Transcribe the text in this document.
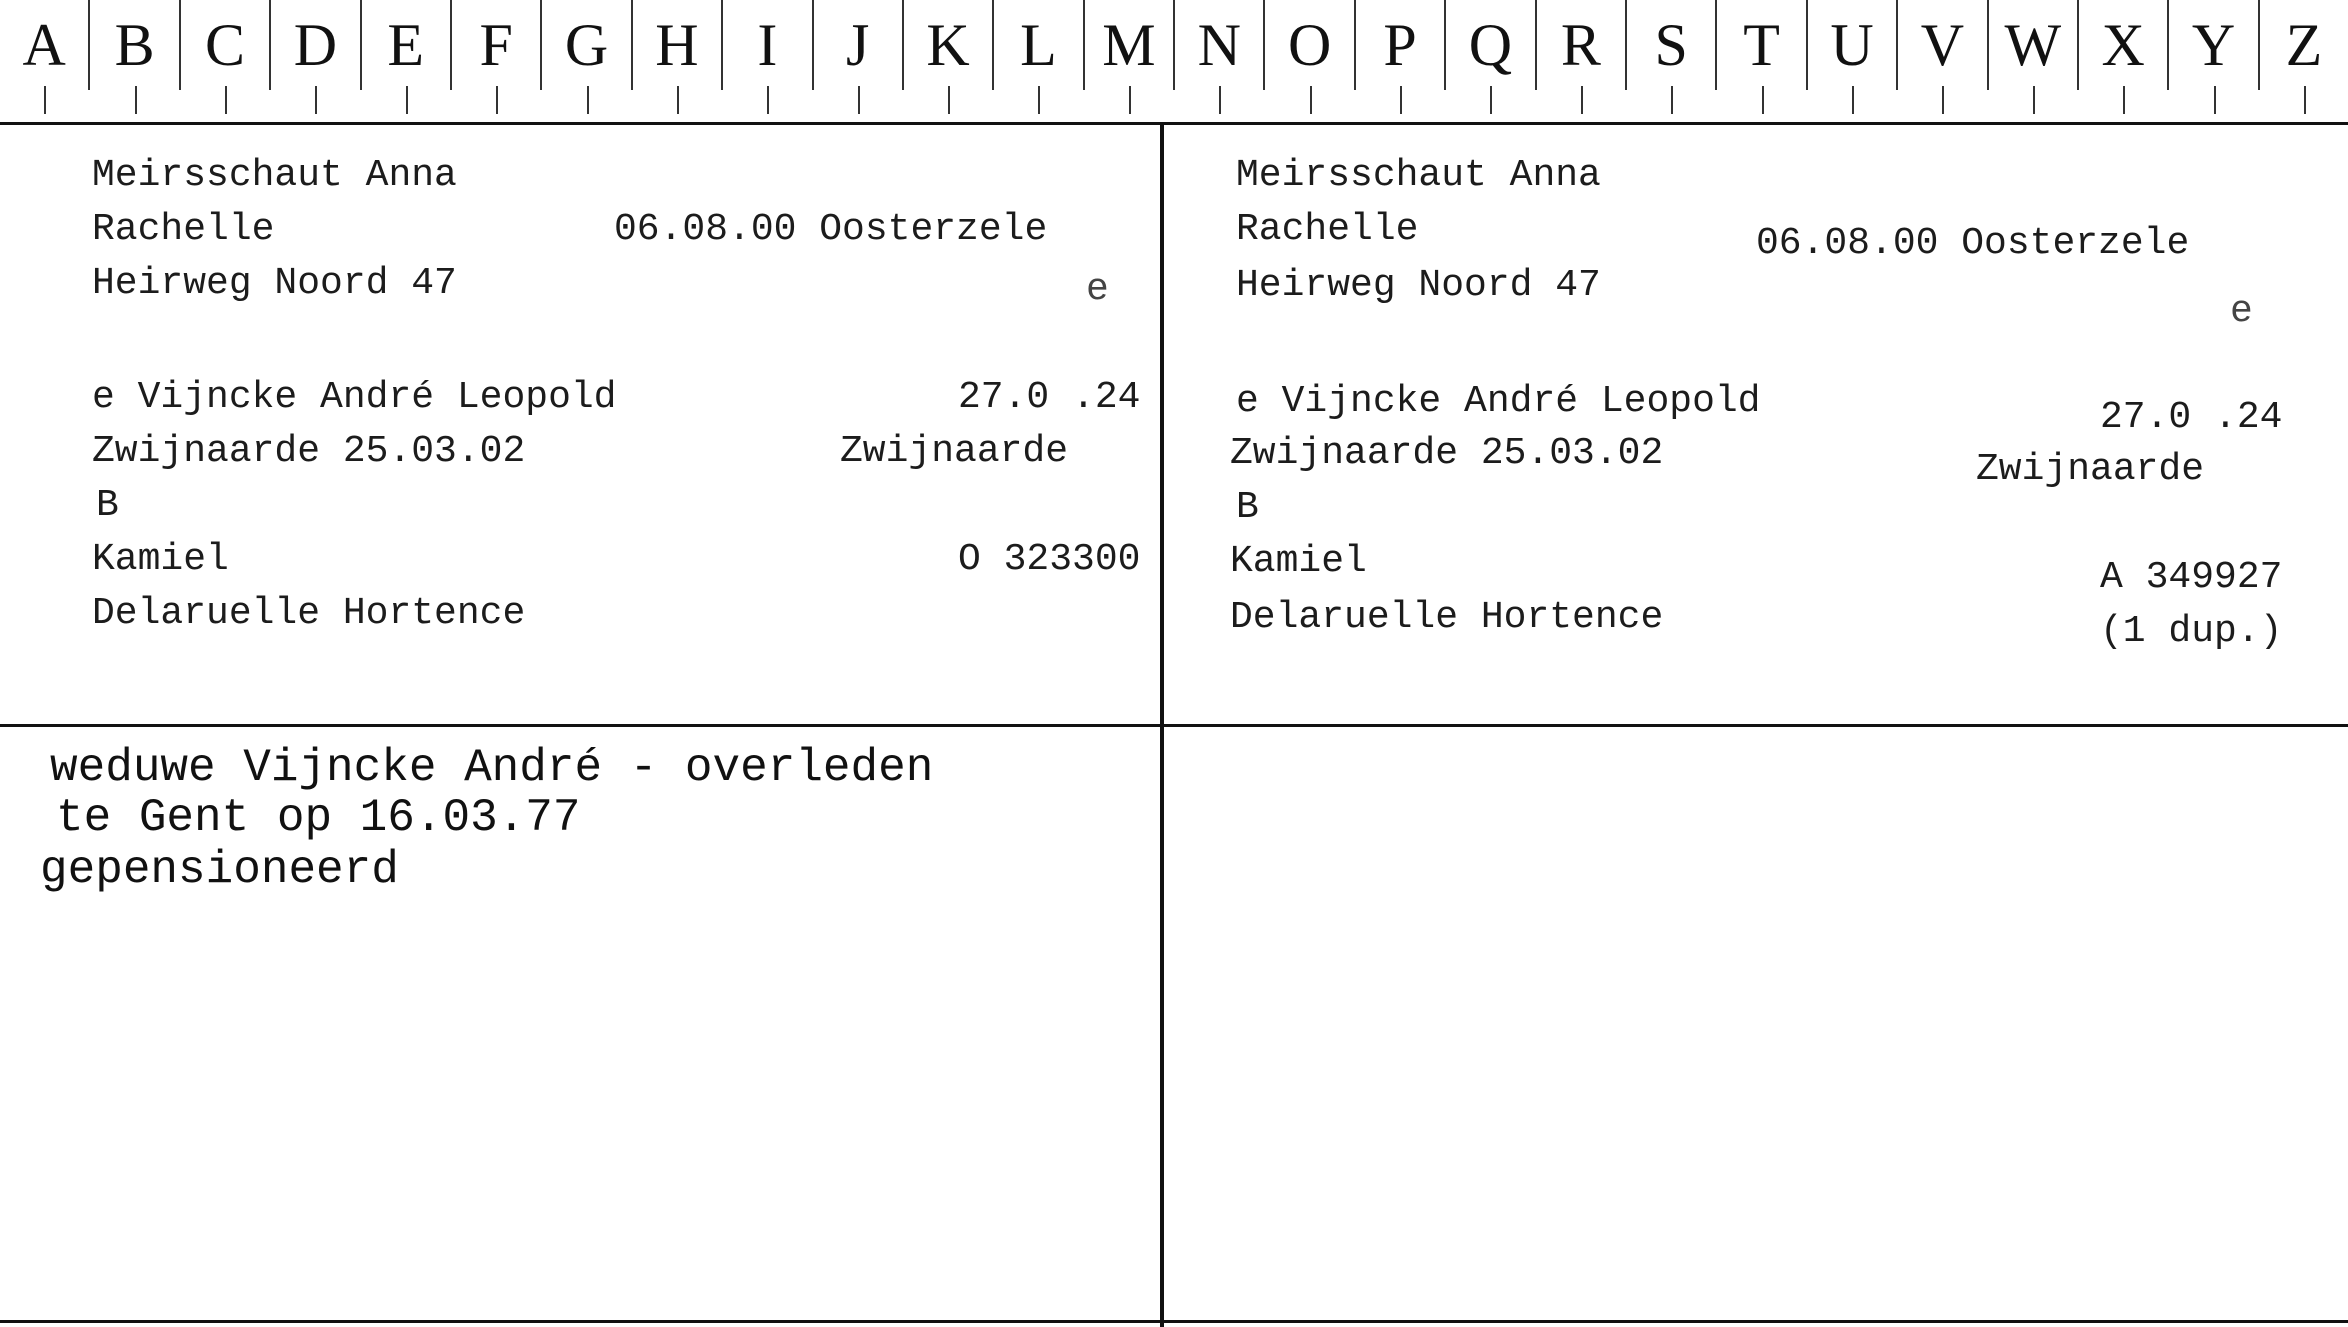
A B C D E F G H I	J K L M N O P Q R S T U V W X Y Z
Meirsschaut Anna
Rachelle	06.08.00 Oosterzele
Heirweg Noord 47	e
e Vijncke André Leopold	27.0 .24
Zwijnaarde 25.03.02	Zwijnaarde
B
Kamiel	O 323300
Delaruelle Hortence
Meirsschaut Anna
Rachelle	06.08.00 Oosterzele
Heirweg Noord 47
e
e Vijncke André Leopold	27.0 .24
Zwijnaarde 25.03.02	Zwijnaarde
B
Kamiel	A 349927
Delaruelle Hortence	(1 dup.)
weduwe Vijncke André - overleden
te Gent op 16.03.77
gepensioneerd
